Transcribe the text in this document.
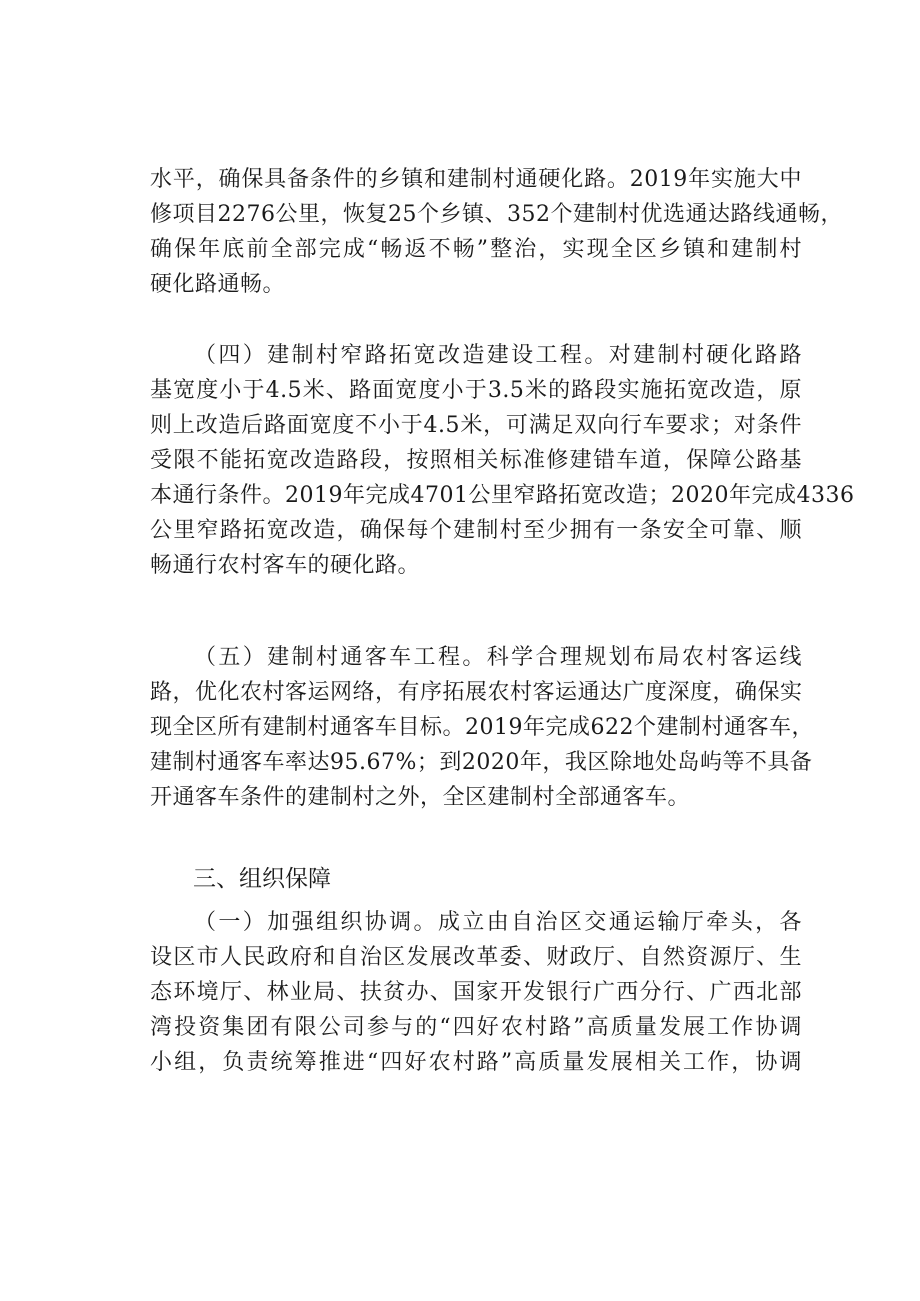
水平，确保具备条件的乡镇和建制村通硬化路。2019年实施大中
修项目2276公里，恢复25个乡镇、352个建制村优选通达路线通畅，
确保年底前全部完成“畅返不畅”整治，实现全区乡镇和建制村
硬化路通畅。
（四）建制村窄路拓宽改造建设工程。对建制村硬化路路
基宽度小于4.5米、路面宽度小于3.5米的路段实施拓宽改造，原
则上改造后路面宽度不小于4.5米，可满足双向行车要求；对条件
受限不能拓宽改造路段，按照相关标准修建错车道，保障公路基
本通行条件。2019年完成4701公里窄路拓宽改造；2020年完成4336
公里窄路拓宽改造，确保每个建制村至少拥有一条安全可靠、顺
畅通行农村客车的硬化路。
（五）建制村通客车工程。科学合理规划布局农村客运线
路，优化农村客运网络，有序拓展农村客运通达广度深度，确保实
现全区所有建制村通客车目标。2019年完成622个建制村通客车，
建制村通客车率达95.67%；到2020年，我区除地处岛屿等不具备
开通客车条件的建制村之外，全区建制村全部通客车。
三、组织保障
（一）加强组织协调。成立由自治区交通运输厅牵头，各
设区市人民政府和自治区发展改革委、财政厅、自然资源厅、生
态环境厅、林业局、扶贫办、国家开发银行广西分行、广西北部
湾投资集团有限公司参与的“四好农村路”高质量发展工作协调
小组，负责统筹推进“四好农村路”高质量发展相关工作，协调
